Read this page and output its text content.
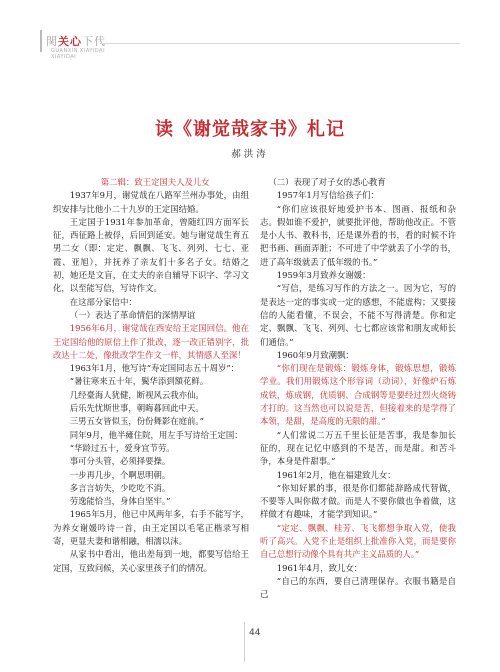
関关心下代
GUANXIN XIAYIDAI
XIAYIDAI
读《谢觉哉家书》札记
郝洪涛

第二辑：致王定国夫人及儿女

1937年9月，谢觉哉在八路军兰州办事处，由组织安排与比他小二十九岁的王定国结婚。

王定国于1931年参加革命，曾随红四方面军长征，西征路上被俘，后回到延安。她与谢觉哉生育五男二女（即：定定、飘飘、飞飞、列列、七七、亚霞、亚旭），并抚养了亲友们十多名子女。结婚之初，她还是文盲，在丈夫的亲自辅导下识字、学习文化，以至能写信，写诗作文。

在这部分家信中：

（一）表达了革命情侣的深情厚谊

1956年6月，谢觉哉在西安给王定国回信。他在王定国给他的原信上作了批改，逐一改正错别字，批改达十二处，像批改学生作文一样，其情感人至深！

1963年1月，他写诗“寿定国同志五十周岁”：

“暑往寒来五十年，鬓华添到額花鲜。

几经臺海人犹健，断视风云我亦仙。

后乐先忧斯世事，朝晦暮回此中天。

三男五女皆似玉，份份舞影在庭前。”

同年9月，他半瘫住院，用左手写诗给王定国：

“华龄过五十，爱身宜节劳。

事可分头管，必须择要操。

一步再几步，个啊思明朝。

多言言妨失，少吃吃不消。

劳逸能恰当，身体自坚牢。”

1965年5月，他已中风两年多，右手不能写字，为养女谢媛吟诗一首，由王定国以毛笔正楷录写相寄，更显夫妻和谐相融，相濡以沫。

从家书中看出，他出差每到一地，都要写信给王定国，互致问候，关心家里孩子们的情况。

（二）表现了对子女的悉心教育

1957年1月写信给孩子们：

“你们应该很好地爱护书本、图画、报纸和杂志。假如谁不爱护，就要批评他，帮助他改正。不管是小人书、教科书，还是课外看的书，看的时候不许把书画、画面弄脏；不可进了中学就丢了小学的书，进了高年级就丢了低年级的书。”

1959年3月致养女谢媛：

“写信，是练习写作的方法之一。因为它，写的是表达一定的事实或一定的感想，不能虚构；又要接信的人能看懂，不误会，不能不写得清楚。你和定定、飘飘、飞飞、列列、七七都应该常和朋友或师长们通信。”

1960年9月致潮飘：

“你们现在是锻炼：锻炼身体，锻炼思想，锻炼学业。我们用锻炼这个形容词（动词），好像炉石炼成铁，炼成钢，优质钢、合成钢等是要经过烈火烧铸才打的。这当然也可以说是苦，但接着来的是学得了本领，是甜，是高度的无限的甜。”

“人们常说二万五千里长征是苦事，我是参加长征的，现在记忆中感到的不是苦，而是甜。和苦斗争，本身是件甜事。”

1961年2月，他在福建致儿女：

“你知好累的事，很是你们都能辞路成代替做，不要等人叫你做才做。而是人不要你做也争着做，这样做才有趣味，才能学到知识。”

“定定、飘飘、桂芳、飞飞都想争取入党，使我听了高兴。入党不止是组织上批准你入党，而是要你自己总想行动像个具有共产主义品质的人。”

1961年4月，致儿女：

“自己的东西，要自己清理保存。衣服书籍是自己

44
